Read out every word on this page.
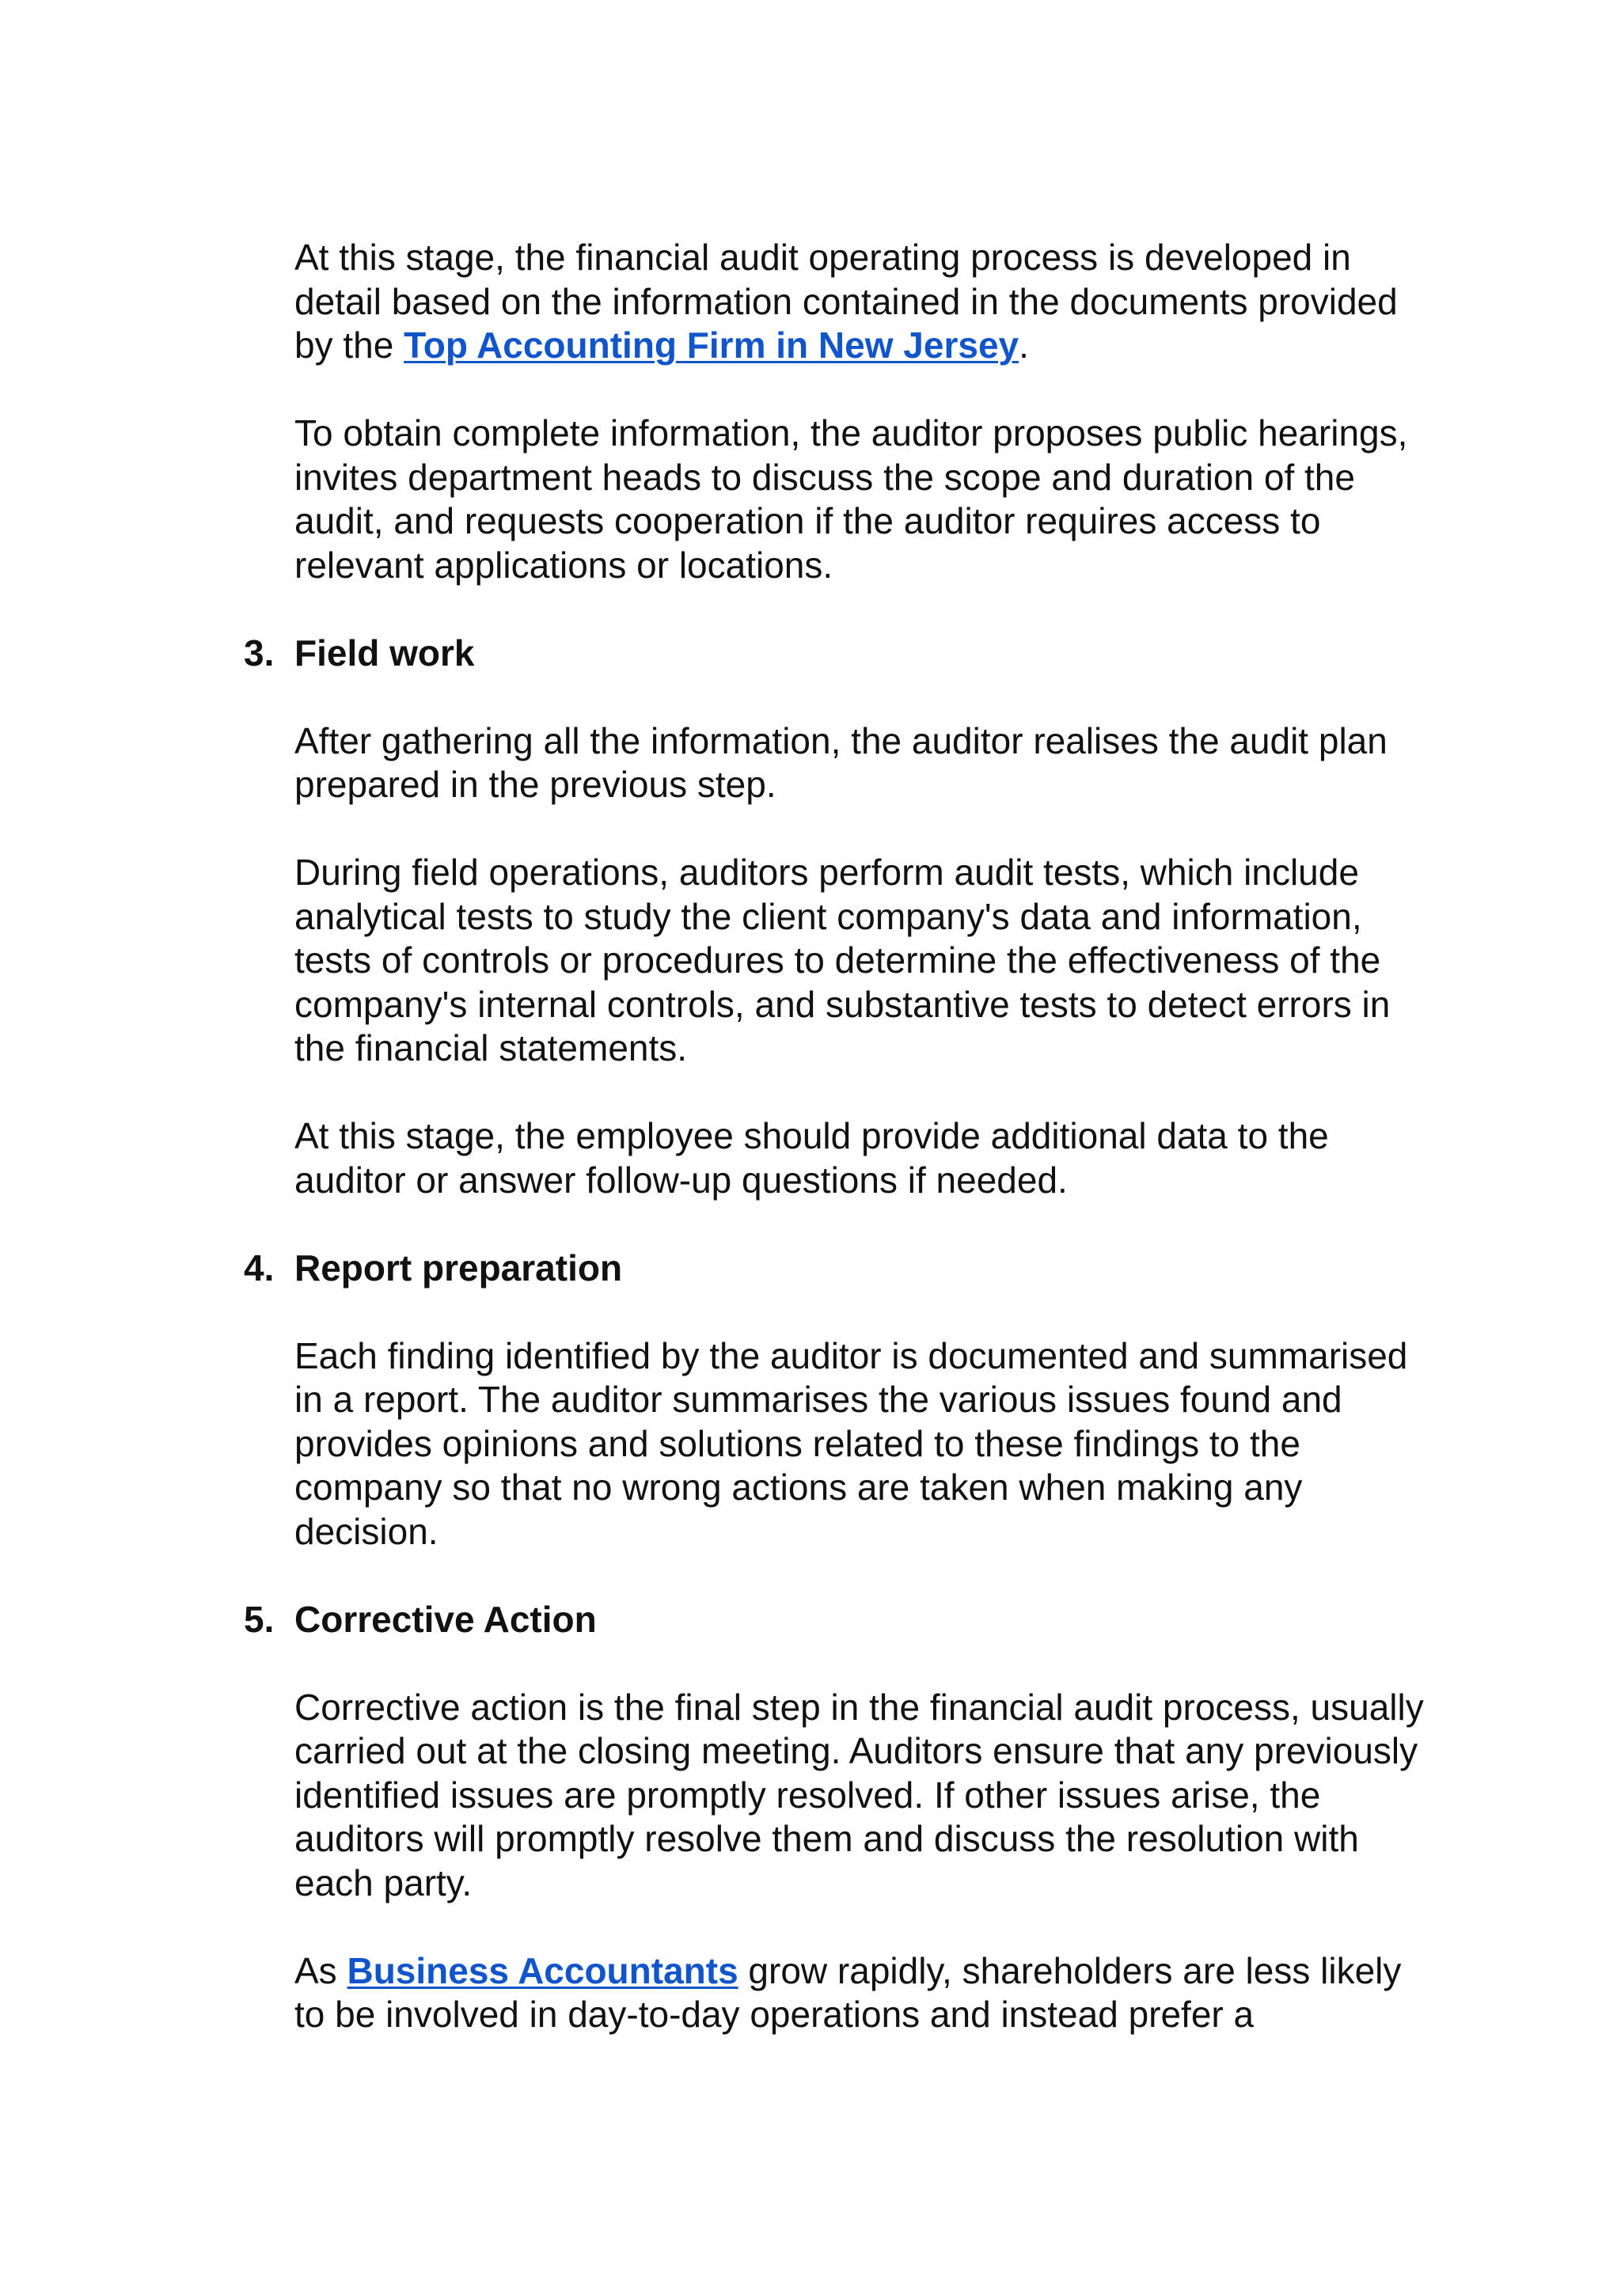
At this stage, the financial audit operating process is developed in detail based on the information contained in the documents provided by the Top Accounting Firm in New Jersey.

To obtain complete information, the auditor proposes public hearings, invites department heads to discuss the scope and duration of the audit, and requests cooperation if the auditor requires access to relevant applications or locations.

3. Field work

After gathering all the information, the auditor realises the audit plan prepared in the previous step.

During field operations, auditors perform audit tests, which include analytical tests to study the client company's data and information, tests of controls or procedures to determine the effectiveness of the company's internal controls, and substantive tests to detect errors in the financial statements.

At this stage, the employee should provide additional data to the auditor or answer follow-up questions if needed.

4. Report preparation

Each finding identified by the auditor is documented and summarised in a report. The auditor summarises the various issues found and provides opinions and solutions related to these findings to the company so that no wrong actions are taken when making any decision.

5. Corrective Action

Corrective action is the final step in the financial audit process, usually carried out at the closing meeting. Auditors ensure that any previously identified issues are promptly resolved. If other issues arise, the auditors will promptly resolve them and discuss the resolution with each party.

As Business Accountants grow rapidly, shareholders are less likely to be involved in day-to-day operations and instead prefer a
